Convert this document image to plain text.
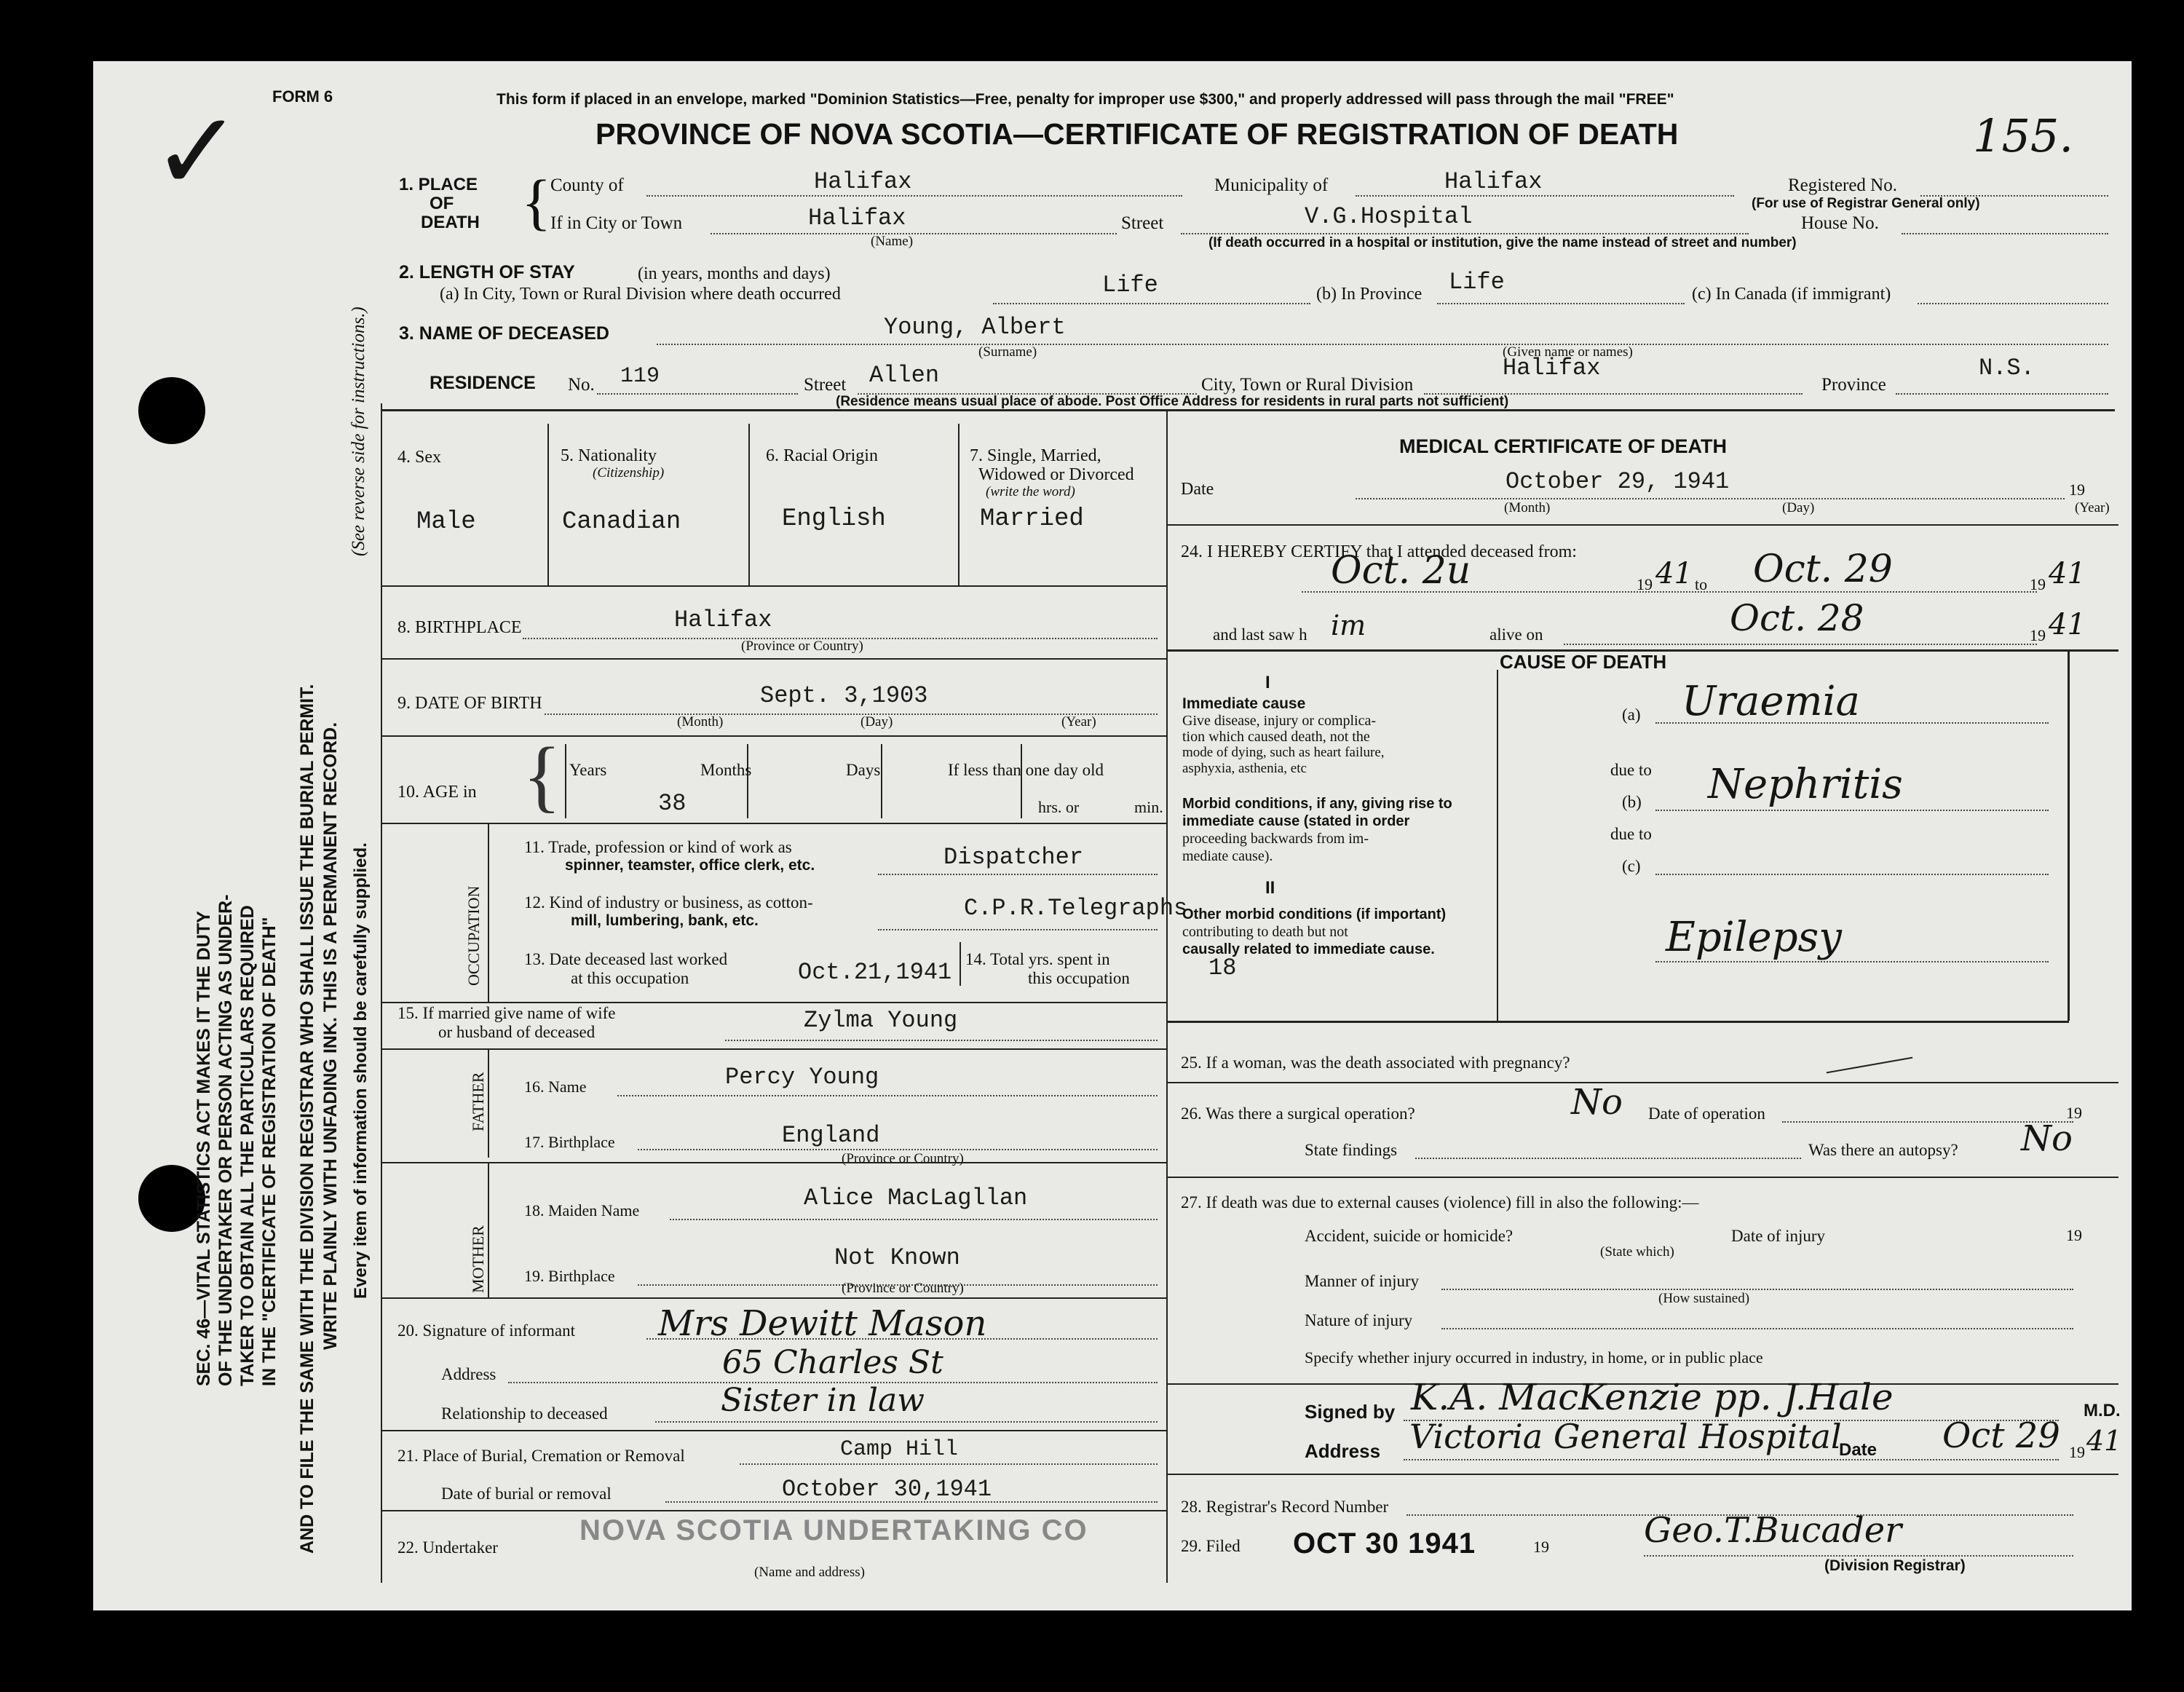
✓ FORM 6	This form if placed in an envelope, marked "Dominion Statistics—Free, penalty for improper use $300," and properly addressed will pass through the mail "FREE"
PROVINCE OF NOVA SCOTIA—CERTIFICATE OF REGISTRATION OF DEATH	155.
SEC. 46—VITAL STATISTICS ACT MAKES IT THE DUTY OF THE UNDERTAKER OR PERSON ACTING AS UNDER- TAKER TO OBTAIN ALL THE PARTICULARS REQUIRED IN THE "CERTIFICATE OF REGISTRATION OF DEATH" AND TO FILE THE SAME WITH THE DIVISION REGISTRAR WHO SHALL ISSUE THE BURIAL PERMIT. WRITE PLAINLY WITH UNFADING INK. THIS IS A PERMANENT RECORD.
(See reverse side for instructions.)
Every item of information should be carefully supplied.
1. PLACE
OF
DEATH {
County of	Halifax	Municipality of	Halifax	Registered No.
(For use of Registrar General only)
If in City or Town	Halifax
(Name)
Street	V.G.Hospital	House No.
(If death occurred in a hospital or institution, give the name instead of street and number)
2. LENGTH OF STAY	(in years, months and days)
(a) In City, Town or Rural Division where death occurred	Life	(b) In Province Life	(c) In Canada (if immigrant)
3. NAME OF DECEASED	Young, Albert
(Surname)	(Given name or names)
RESIDENCE No. 119	Street Allen	City, Town or Rural Division
Halifax
Province
N.S.
(Residence means usual place of abode. Post Office Address for residents in rural parts not sufficient)
4. Sex
Male
5. Nationality
(Citizenship)
Canadian
6. Racial Origin
English
7. Single, Married,
Widowed or Divorced
(write the word)
Married
8. BIRTHPLACE	Halifax
(Province or Country)
9. DATE OF BIRTH	Sept. 3,1903
(Month)	(Day)	(Year)
10. AGE in { Years	Months	Days	If less than one day old
38	hrs. or	min.
OCCUPATION
11. Trade, profession or kind of work as
spinner, teamster, office clerk, etc.	Dispatcher
12. Kind of industry or business, as cotton-
mill, lumbering, bank, etc.	C.P.R.Telegraphs
13. Date deceased last worked
at this occupation	Oct.21,1941 14. Total yrs. spent in
this occupation	18
15. If married give name of wife
or husband of deceased	Zylma Young
FATHER 16. Name	Percy Young
17. Birthplace	England
(Province or Country)
MOTHER
18. Maiden Name	Alice MacLagllan
19. Birthplace
Not Known
(Province or Country)
20. Signature of informant Mrs Dewitt Mason
Address	65 Charles St
Relationship to deceased	Sister in law
21. Place of Burial, Cremation or Removal	Camp Hill
Date of burial or removal	October 30,1941
22. Undertaker
NOVA SCOTIA UNDERTAKING CO
(Name and address)
MEDICAL CERTIFICATE OF DEATH
Date	October 29, 1941	19
(Month)	(Day)	(Year)
24. I HEREBY CERTIFY that I attended deceased from:
Oct. 2u	19 41 to Oct. 29	19 41
and last saw h im	alive on	Oct. 28	19 41
CAUSE OF DEATH
I
Immediate cause
Give disease, injury or complica-
tion which caused death, not the
mode of dying, such as heart failure,
asphyxia, asthenia, etc
(a) Uraemia
due to
Morbid conditions, if any, giving rise to
immediate cause (stated in order
proceeding backwards from im-
mediate cause).
(b) Nephritis
due to
(c)
II
Other morbid conditions (if important)
contributing to death but not
causally related to immediate cause.	Epilepsy
25. If a woman, was the death associated with pregnancy?
26. Was there a surgical operation?	No Date of operation	19
State findings	Was there an autopsy? No
27. If death was due to external causes (violence) fill in also the following:—
Accident, suicide or homicide?
(State which)
Date of injury	19
Manner of injury
(How sustained)
Nature of injury
Specify whether injury occurred in industry, in home, or in public place
Signed by K.A. MacKenzie pp. J.Hale	M.D.
Address Victoria General Hospital
Date Oct 29 19 41
28. Registrar's Record Number
29. Filed OCT 30 1941	19	Geo.T.Bucader
(Division Registrar)
